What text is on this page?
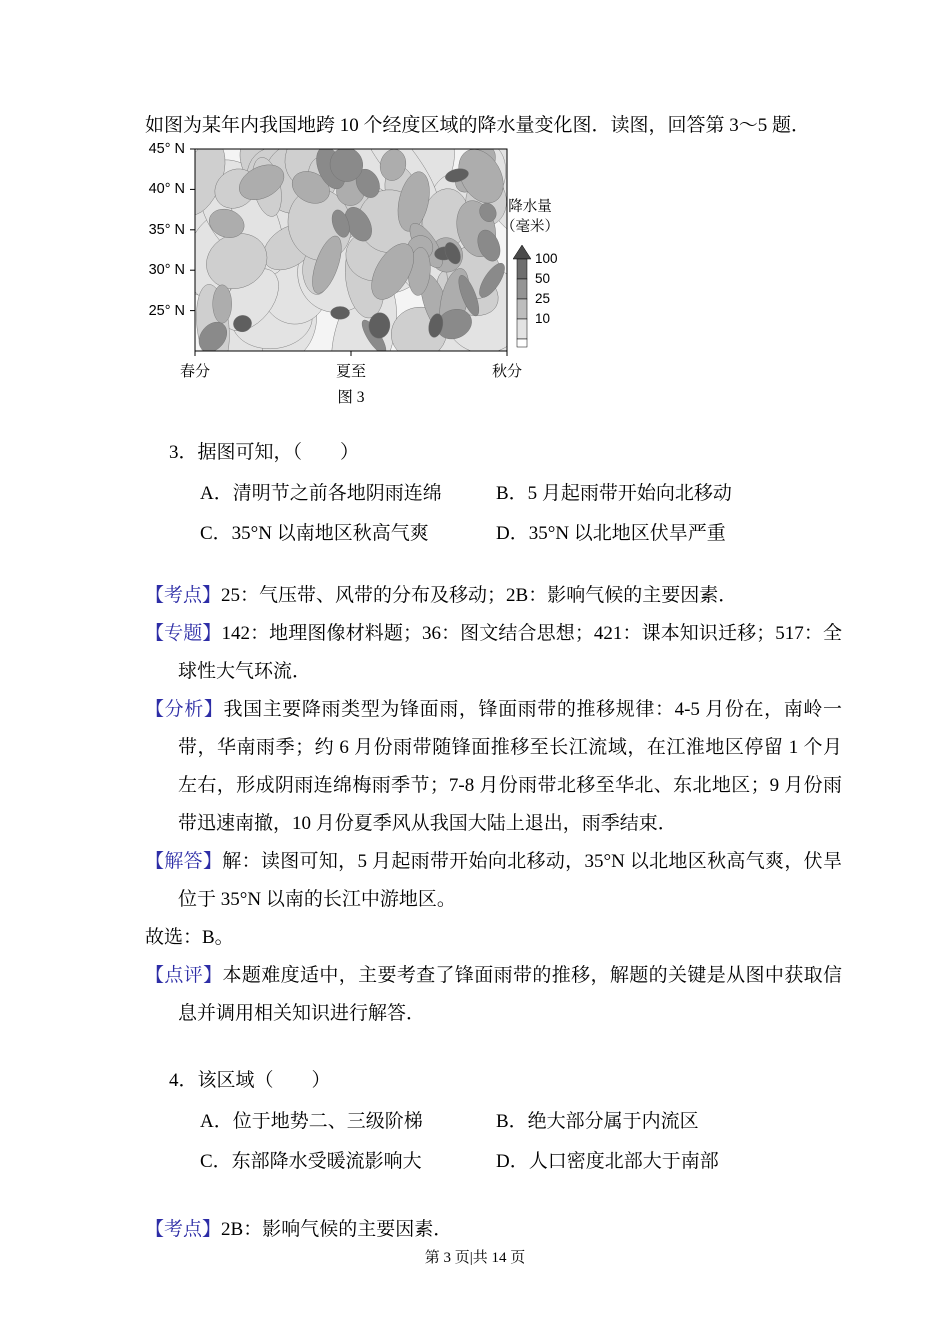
如图为某年内我国地跨 10 个经度区域的降水量变化图．读图，回答第 3～5 题．

降水量
（毫米）
图 3
45° N
40° N
35° N
30° N
25° N
春分	夏至	秋分
100
50
25
10

3．据图可知，（　　）

A．清明节之前各地阴雨连绵	B．5 月起雨带开始向北移动
C．35°N 以南地区秋高气爽	D．35°N 以北地区伏旱严重

【考点】25：气压带、风带的分布及移动；2B：影响气候的主要因素．

【专题】142：地理图像材料题；36：图文结合思想；421：课本知识迁移；517：全球性大气环流．

【分析】我国主要降雨类型为锋面雨，锋面雨带的推移规律：4-5 月份在，南岭一带，华南雨季；约 6 月份雨带随锋面推移至长江流域，在江淮地区停留 1 个月左右，形成阴雨连绵梅雨季节；7-8 月份雨带北移至华北、东北地区；9 月份雨带迅速南撤，10 月份夏季风从我国大陆上退出，雨季结束．

【解答】解：读图可知，5 月起雨带开始向北移动，35°N 以北地区秋高气爽，伏旱位于 35°N 以南的长江中游地区。

故选：B。

【点评】本题难度适中，主要考查了锋面雨带的推移，解题的关键是从图中获取信息并调用相关知识进行解答．

4．该区域（　　）

A．位于地势二、三级阶梯	B．绝大部分属于内流区
C．东部降水受暖流影响大	D．人口密度北部大于南部

【考点】2B：影响气候的主要因素．

第 3 页|共 14 页
